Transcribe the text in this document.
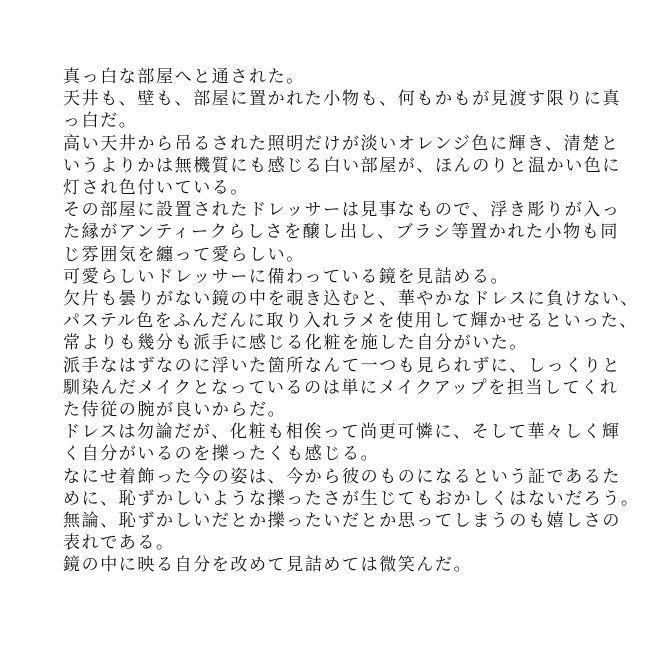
真っ白な部屋へと通された。
天井も、壁も、部屋に置かれた小物も、何もかもが見渡す限りに真
っ白だ。
高い天井から吊るされた照明だけが淡いオレンジ色に輝き、清楚と
いうよりかは無機質にも感じる白い部屋が、ほんのりと温かい色に
灯され色付いている。
その部屋に設置されたドレッサーは見事なもので、浮き彫りが入っ
た縁がアンティークらしさを醸し出し、ブラシ等置かれた小物も同
じ雰囲気を纏って愛らしい。
可愛らしいドレッサーに備わっている鏡を見詰める。
欠片も曇りがない鏡の中を覗き込むと、華やかなドレスに負けない、
パステル色をふんだんに取り入れラメを使用して輝かせるといった、
常よりも幾分も派手に感じる化粧を施した自分がいた。
派手なはずなのに浮いた箇所なんて一つも見られずに、しっくりと
馴染んだメイクとなっているのは単にメイクアップを担当してくれ
た侍従の腕が良いからだ。
ドレスは勿論だが、化粧も相俟って尚更可憐に、そして華々しく輝
く自分がいるのを擽ったくも感じる。
なにせ着飾った今の姿は、今から彼のものになるという証であるた
めに、恥ずかしいような擽ったさが生じてもおかしくはないだろう。
無論、恥ずかしいだとか擽ったいだとか思ってしまうのも嬉しさの
表れである。
鏡の中に映る自分を改めて見詰めては微笑んだ。
